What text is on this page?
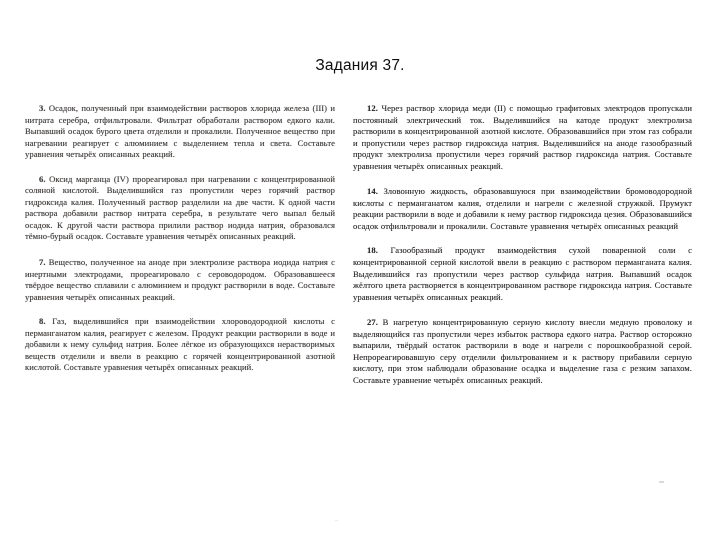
Задания 37.

3. Осадок, полученный при взаимодействии растворов хлорида железа (III) и нитрата серебра, отфильтровали. Фильтрат обработали раствором едкого кали. Выпавший осадок бурого цвета отделили и прокалили. Полученное вещество при нагревании реагирует с алюминием с выделением тепла и света. Составьте уравнения четырёх описанных реакций.

6. Оксид марганца (IV) прореагировал при нагревании с концентрированной соляной кислотой. Выделившийся газ пропустили через горячий раствор гидроксида калия. Полученный раствор разделили на две части. К одной части раствора добавили раствор нитрата серебра, в результате чего выпал белый осадок. К другой части раствора прилили раствор иодида натрия, образовался тёмно-бурый осадок. Составьте уравнения четырёх описанных реакций.

7. Вещество, полученное на аноде при электролизе раствора иодида натрия с инертными электродами, прореагировало с сероводородом. Образовавшееся твёрдое вещество сплавили с алюминием и продукт растворили в воде. Составьте уравнения четырёх описанных реакций.

8. Газ, выделившийся при взаимодействии хлороводородной кислоты с перманганатом калия, реагирует с железом. Продукт реакции растворили в воде и добавили к нему сульфид натрия. Более лёгкое из образующихся нерастворимых веществ отделили и ввели в реакцию с горячей концентрированной азотной кислотой. Составьте уравнения четырёх описанных реакций.

12. Через раствор хлорида меди (II) с помощью графитовых электродов пропускали постоянный электрический ток. Выделившийся на катоде продукт электролиза растворили в концентрированной азотной кислоте. Образовавшийся при этом газ собрали и пропустили через раствор гидроксида натрия. Выделившийся на аноде газообразный продукт электролиза пропустили через горячий раствор гидроксида натрия. Составьте уравнения четырёх описанных реакций.

14. Зловонную жидкость, образовавшуюся при взаимодействии бромоводородной кислоты с перманганатом калия, отделили и нагрели с железной стружкой. Прумукт реакции растворили в воде и добавили к нему раствор гидроксида цезия. Образовавшийся осадок отфильтровали и прокалили. Составьте уравнения четырёх описанных реакций

18. Газообразный продукт взаимодействия сухой поваренной соли с концентрированной серной кислотой ввели в реакцию с раствором перманганата калия. Выделившийся газ пропустили через раствор сульфида натрия. Выпавший осадок жёлтого цвета растворяется в концентрированном растворе гидроксида натрия. Составьте уравнения четырёх описанных реакций.

27. В нагретую концентрированную серную кислоту внесли медную проволоку и выделяющийся газ пропустили через избыток раствора едкого натра. Раствор осторожно выпарили, твёрдый остаток растворили в воде и нагрели с порошкообразной серой. Непрореагировавшую серу отделили фильтрованием и к раствору прибавили серную кислоту, при этом наблюдали образование осадка и выделение газа с резким запахом. Составьте уравнение четырёх описанных реакций.
